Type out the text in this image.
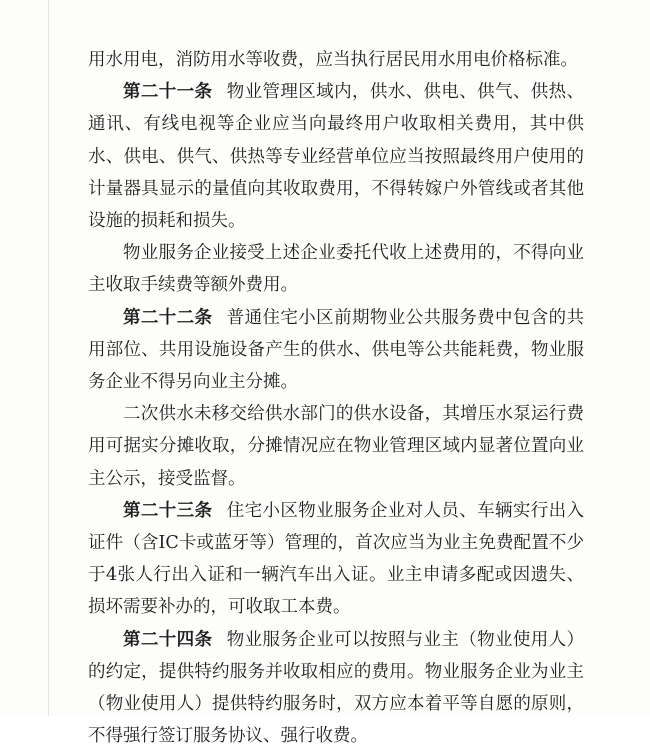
用水用电，消防用水等收费，应当执行居民用水用电价格标准。

第二十一条 物业管理区域内，供水、供电、供气、供热、通讯、有线电视等企业应当向最终用户收取相关费用，其中供水、供电、供气、供热等专业经营单位应当按照最终用户使用的计量器具显示的量值向其收取费用，不得转嫁户外管线或者其他设施的损耗和损失。

物业服务企业接受上述企业委托代收上述费用的，不得向业主收取手续费等额外费用。

第二十二条 普通住宅小区前期物业公共服务费中包含的共用部位、共用设施设备产生的供水、供电等公共能耗费，物业服务企业不得另向业主分摊。

二次供水未移交给供水部门的供水设备，其增压水泵运行费用可据实分摊收取，分摊情况应在物业管理区域内显著位置向业主公示，接受监督。

第二十三条 住宅小区物业服务企业对人员、车辆实行出入证件（含IC卡或蓝牙等）管理的，首次应当为业主免费配置不少于4张人行出入证和一辆汽车出入证。业主申请多配或因遗失、损坏需要补办的，可收取工本费。

第二十四条 物业服务企业可以按照与业主（物业使用人）的约定，提供特约服务并收取相应的费用。物业服务企业为业主（物业使用人）提供特约服务时，双方应本着平等自愿的原则，不得强行签订服务协议、强行收费。
